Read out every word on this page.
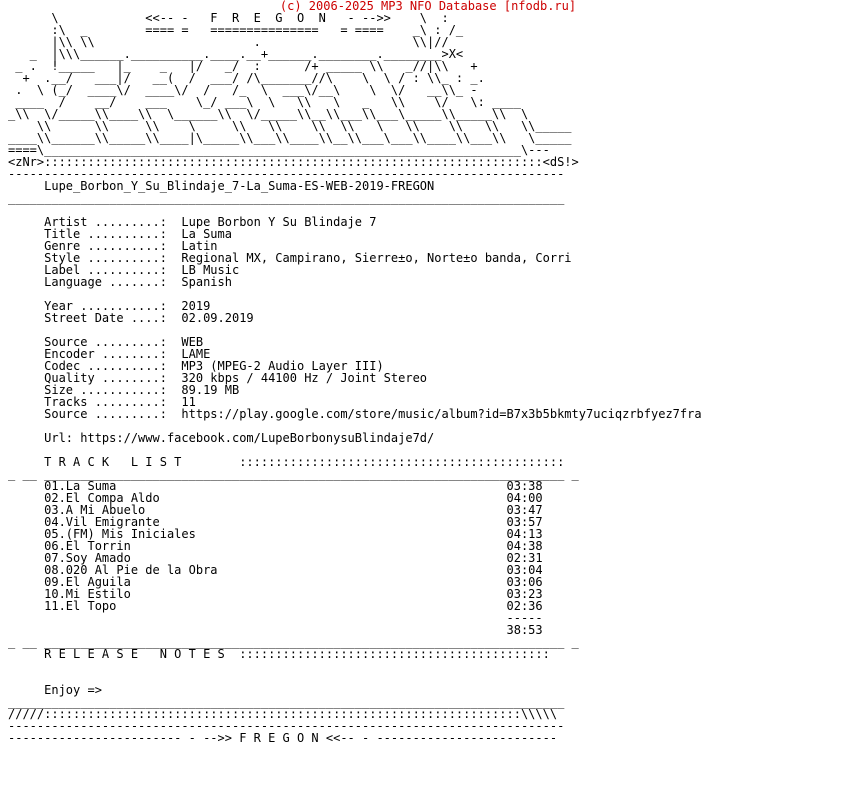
(c) 2006-2025 MP3 NFO Database [nfodb.ru]
\            <<-- -   F  R  E  G  O  N   - -->>    \  :
:\  _        ==== =   ===============   = ====    _\ : /_
|\\ \\                      .                     \\|//
_  |\\\______.__________.____.__+______.________.________>X<
_ .  !_____   |_    _   |/   _/  :      /+ _____ \\   _//|\\   +
+  .__/   ___|/   __(  /  ___/ /\_______//\    \  \ / : \\_ : _.
.  \ (_/  ____\/  ____\/  /   /_  \  ___\/__\    \  \/   __\\_ -
____  /    __/    ___    \_/ ___\  \   \\   \   _   \\    \/   \: ____
_\\  \/_____\\____\\  \______\\  \/_____\\__\\___\\___\_____\\_____\\  \
\\      \\     \\    \     \\   \\    \\  \\   \   \\    \\   \\   \\_____
____\\______\\_____\\____|\_____\\___\\____\\__\\___\___\\____\\___\\   \_____
====\__________________________________________________________________\---
<zNr>:::::::::::::::::::::::::::::::::::::::::::::::::::::::::::::::::::::<dS!>
-----------------------------------------------------------------------------
Lupe_Borbon_Y_Su_Blindaje_7-La_Suma-ES-WEB-2019-FREGON
_____________________________________________________________________________
Artist .........:  Lupe Borbon Y Su Blindaje 7
Title ..........:  La Suma
Genre ..........:  Latin
Style ..........:  Regional MX, Campirano, Sierre±o, Norte±o banda, Corri
Label ..........:  LB Music
Language .......:  Spanish
Year ...........:  2019
Street Date ....:  02.09.2019
Source .........:  WEB
Encoder ........:  LAME
Codec ..........:  MP3 (MPEG-2 Audio Layer III)
Quality ........:  320 kbps / 44100 Hz / Joint Stereo
Size ...........:  89.19 MB
Tracks .........:  11
Source .........:  https://play.google.com/store/music/album?id=B7x3b5bkmty7uciqzrbfyez7fra
Url: https://www.facebook.com/LupeBorbonysuBlindaje7d/
T R A C K   L I S T        :::::::::::::::::::::::::::::::::::::::::::::
_ __ ________________________________________________________________________ _
01.La Suma                                                      03:38
02.El Compa Aldo                                                04:00
03.A Mi Abuelo                                                  03:47
04.Vil Emigrante                                                03:57
05.(FM) Mis Iniciales                                           04:13
06.El Torrin                                                    04:38
07.Soy Amado                                                    02:31
08.020 Al Pie de la Obra                                        03:04
09.El Aguila                                                    03:06
10.Mi Estilo                                                    03:23
11.El Topo                                                      02:36
-----
38:53
_ __ ________________________________________________________________________ _
R E L E A S E   N O T E S  :::::::::::::::::::::::::::::::::::::::::::
Enjoy =>
_____________________________________________________________________________
/////::::::::::::::::::::::::::::::::::::::::::::::::::::::::::::::::::\\\\\
-----------------------------------------------------------------------------
------------------------ - -->> F R E G O N <<-- - -------------------------
